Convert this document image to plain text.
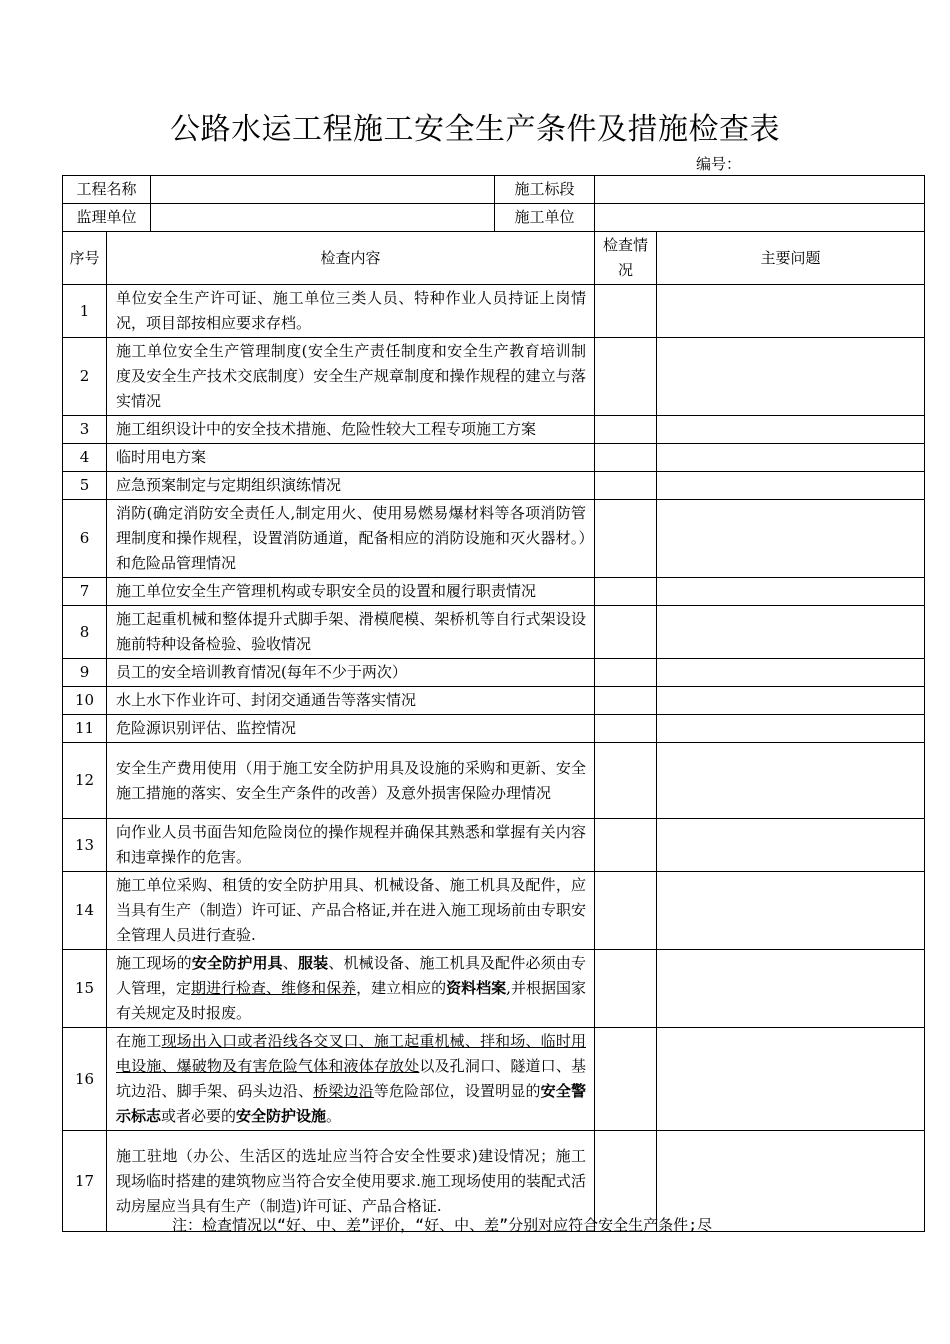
公路水运工程施工安全生产条件及措施检查表
编号：
工程名称			施工标段		
监理单位			施工单位		
序号	检查内容			检查情况	主要问题
1	单位安全生产许可证、施工单位三类人员、特种作业人员持证上岗情况，项目部按相应要求存档。				
2	施工单位安全生产管理制度(安全生产责任制度和安全生产教育培训制度及安全生产技术交底制度）安全生产规章制度和操作规程的建立与落实情况				
3	施工组织设计中的安全技术措施、危险性较大工程专项施工方案				
4	临时用电方案				
5	应急预案制定与定期组织演练情况				
6	消防(确定消防安全责任人,制定用火、使用易燃易爆材料等各项消防管理制度和操作规程，设置消防通道，配备相应的消防设施和灭火器材。）和危险品管理情况				
7	施工单位安全生产管理机构或专职安全员的设置和履行职责情况				
8	施工起重机械和整体提升式脚手架、滑模爬模、架桥机等自行式架设设施前特种设备检验、验收情况				
9	员工的安全培训教育情况(每年不少于两次）				
10	水上水下作业许可、封闭交通通告等落实情况				
11	危险源识别评估、监控情况				
12	安全生产费用使用（用于施工安全防护用具及设施的采购和更新、安全施工措施的落实、安全生产条件的改善）及意外损害保险办理情况				
13	向作业人员书面告知危险岗位的操作规程并确保其熟悉和掌握有关内容和违章操作的危害。				
14	施工单位采购、租赁的安全防护用具、机械设备、施工机具及配件，应当具有生产（制造）许可证、产品合格证,并在进入施工现场前由专职安全管理人员进行查验.				
15	施工现场的安全防护用具、服装、机械设备、施工机具及配件必须由专人管理，定期进行检查、维修和保养，建立相应的资料档案,并根据国家有关规定及时报废。				
16	在施工现场出入口或者沿线各交叉口、施工起重机械、拌和场、临时用电设施、爆破物及有害危险气体和液体存放处以及孔洞口、隧道口、基坑边沿、脚手架、码头边沿、桥梁边沿等危险部位，设置明显的安全警示标志或者必要的安全防护设施。				
17	施工驻地（办公、生活区的选址应当符合安全性要求)建设情况；施工现场临时搭建的建筑物应当符合安全使用要求.施工现场使用的装配式活动房屋应当具有生产（制造)许可证、产品合格证.				
注：检查情况以“好、中、差”评价，“好、中、差”分别对应符合安全生产条件;尽
